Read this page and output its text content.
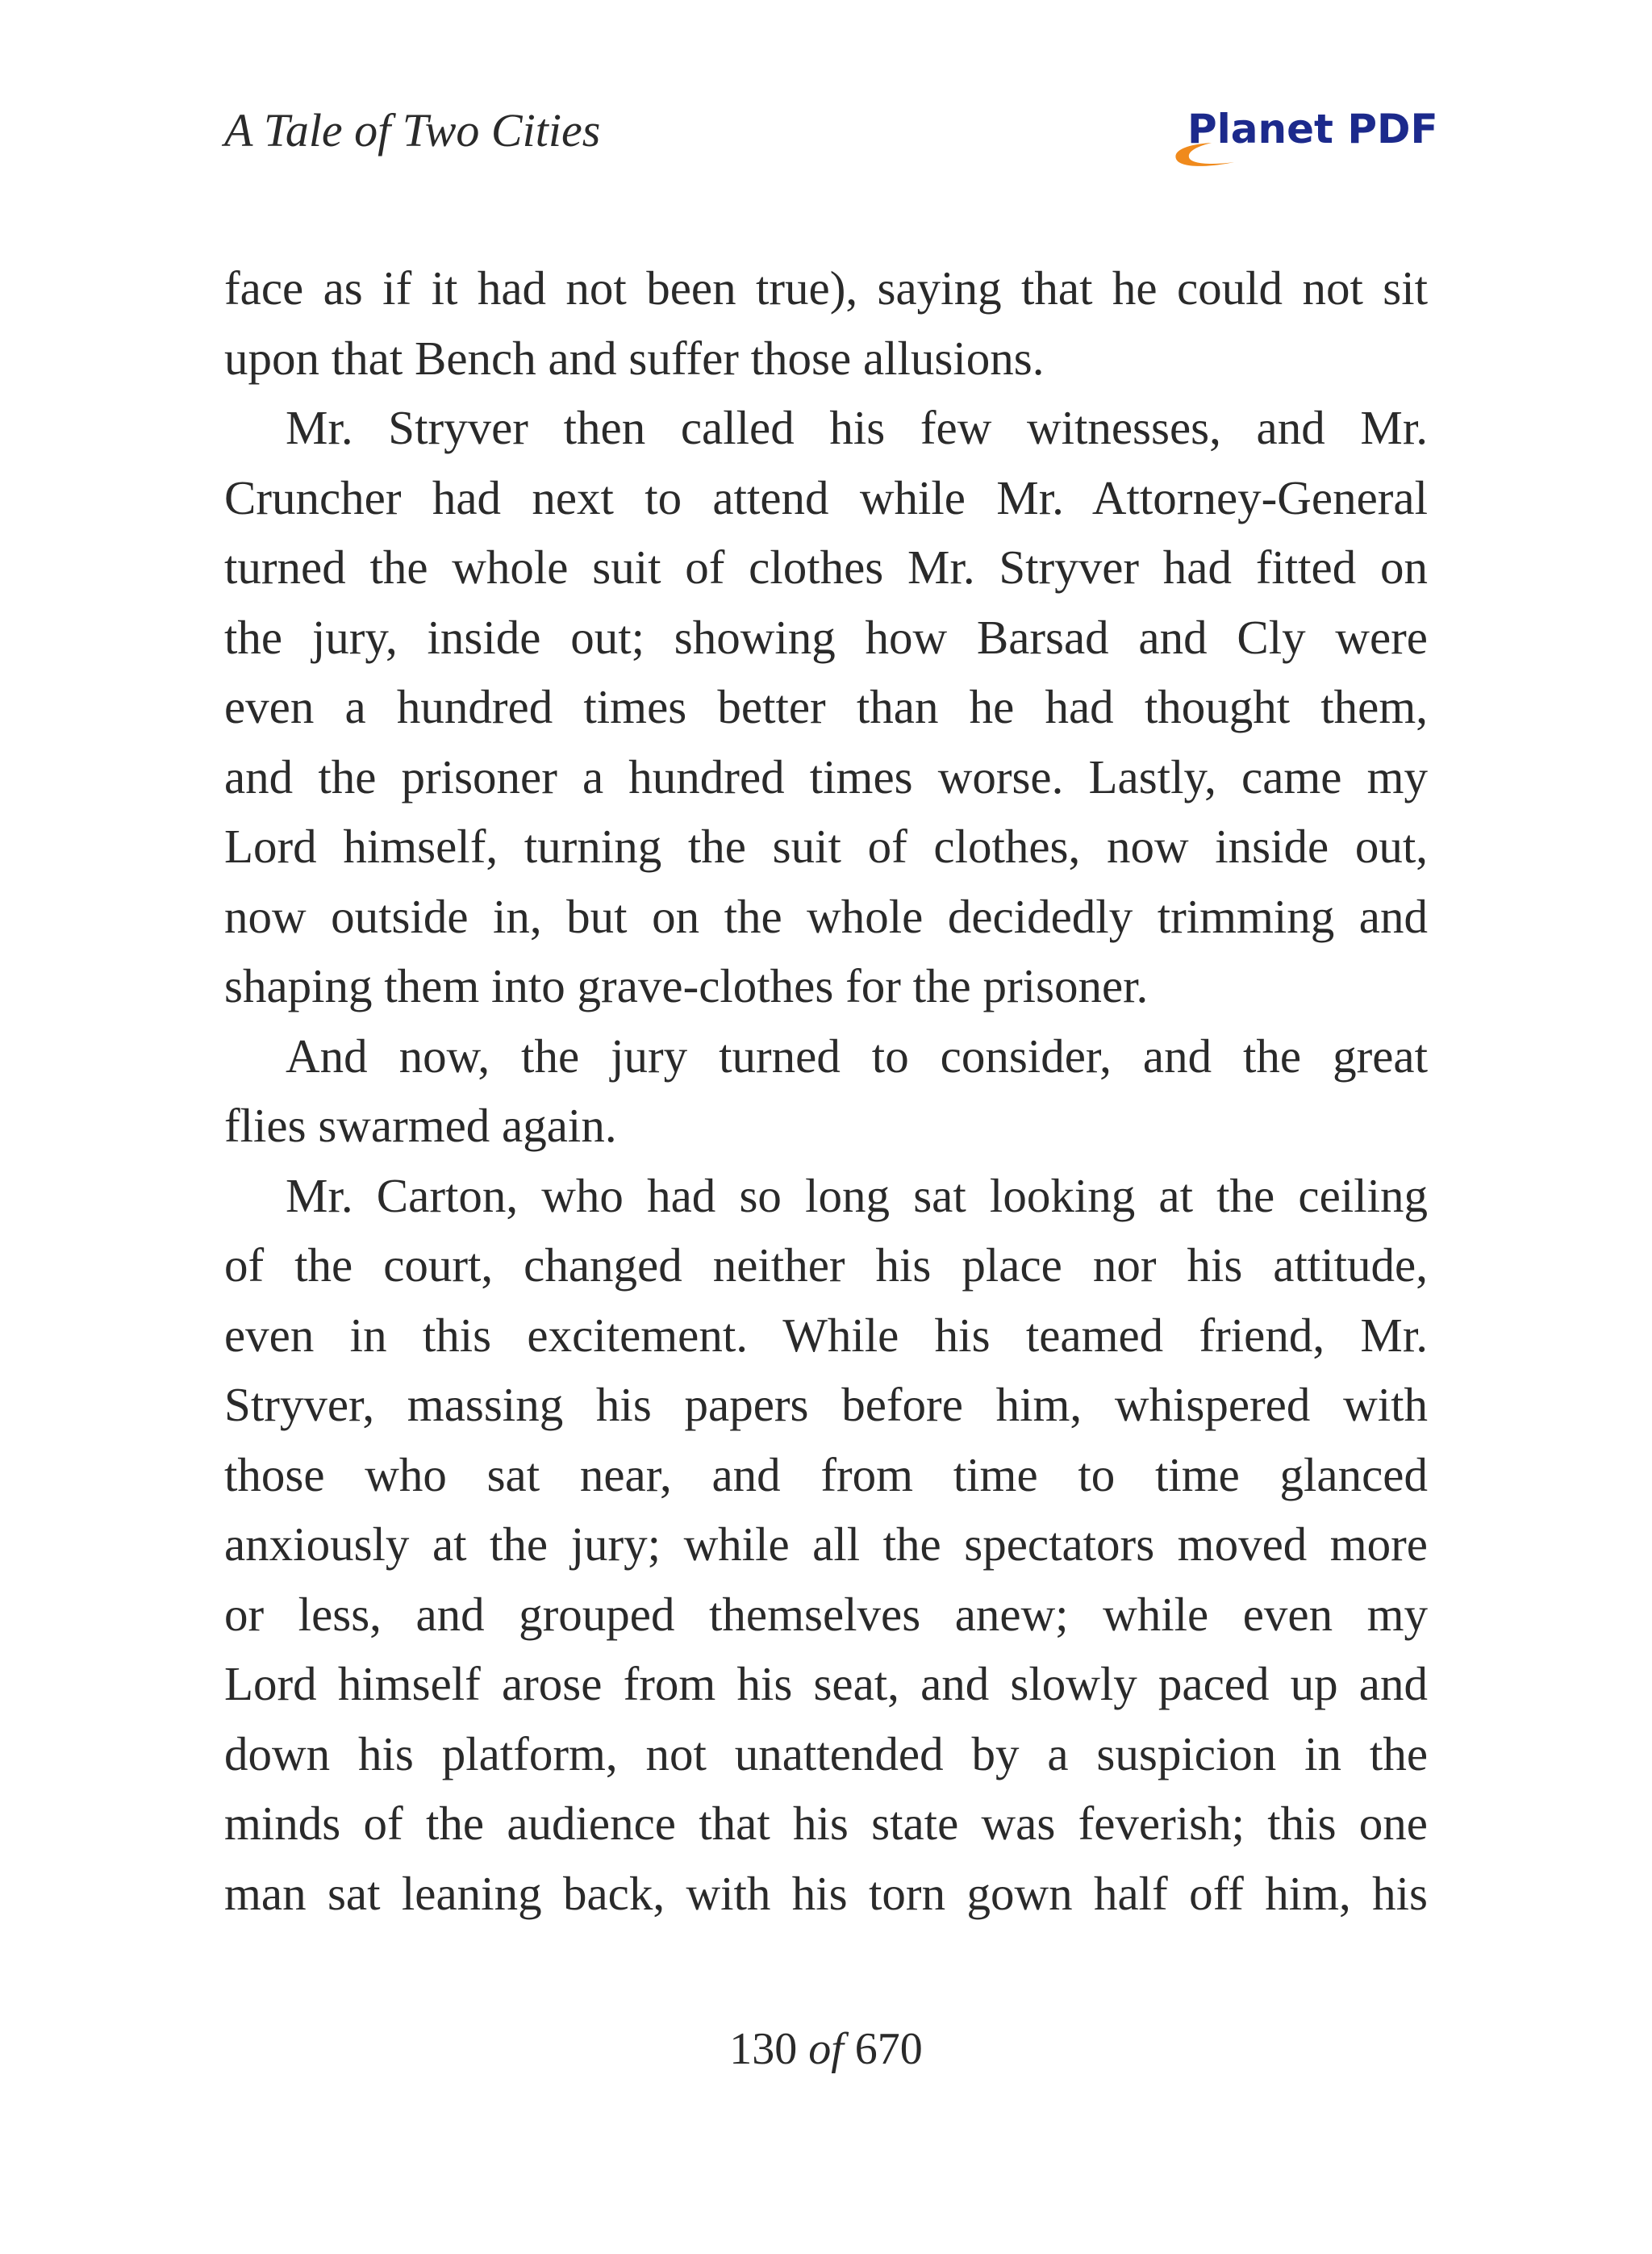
A Tale of Two Cities	Planet PDF
face as if it had not been true), saying that he could not sit
upon that Bench and suffer those allusions.
Mr. Stryver then called his few witnesses, and Mr.
Cruncher had next to attend while Mr. Attorney-General
turned the whole suit of clothes Mr. Stryver had fitted on
the jury, inside out; showing how Barsad and Cly were
even a hundred times better than he had thought them,
and the prisoner a hundred times worse. Lastly, came my
Lord himself, turning the suit of clothes, now inside out,
now outside in, but on the whole decidedly trimming and
shaping them into grave-clothes for the prisoner.
And now, the jury turned to consider, and the great
flies swarmed again.
Mr. Carton, who had so long sat looking at the ceiling
of the court, changed neither his place nor his attitude,
even in this excitement. While his teamed friend, Mr.
Stryver, massing his papers before him, whispered with
those who sat near, and from time to time glanced
anxiously at the jury; while all the spectators moved more
or less, and grouped themselves anew; while even my
Lord himself arose from his seat, and slowly paced up and
down his platform, not unattended by a suspicion in the
minds of the audience that his state was feverish; this one
man sat leaning back, with his torn gown half off him, his
130 of 670
